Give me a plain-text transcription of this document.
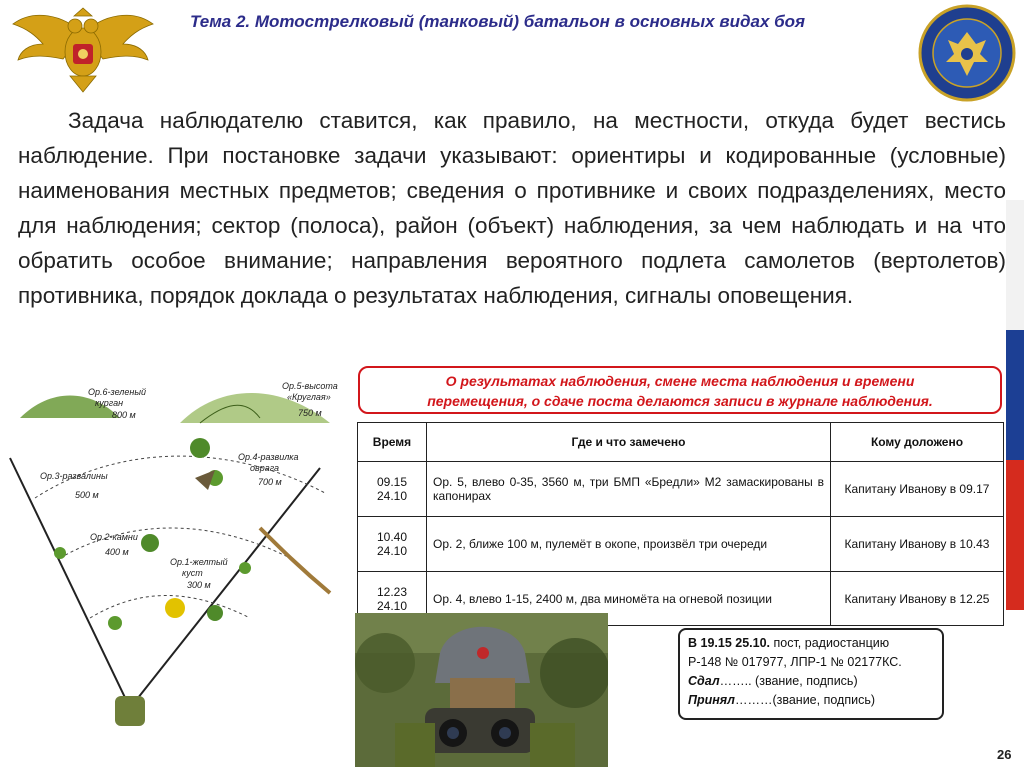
Тема 2. Мотострелковый (танковый) батальон в основных видах боя
Задача наблюдателю ставится, как правило, на местности, откуда будет вестись наблюдение. При постановке задачи указывают: ориентиры и кодированные (условные) наименования местных предметов; сведения о противнике и своих подразделениях, место для наблюдения; сектор (полоса), район (объект) наблюдения, за чем наблюдать и на что обратить особое внимание; направления вероятного подлета самолетов (вертолетов) противника, порядок доклада о результатах наблюдения, сигналы оповещения.
Ор.6-зеленый
курган
800 м
Ор.5-высота
«Круглая»
750 м
Ор.4-развилка
оврага
700 м
Ор.3-развалины
500 м
Ор.2-камни
400 м
Ор.1-желтый
куст
300 м
О результатах наблюдения, смене места наблюдения и времени
перемещения, о сдаче поста делаются записи в журнале наблюдения.
Время	Где и что замечено	Кому доложено
09.15
24.10	Ор. 5, влево 0-35, 3560 м, три БМП «Бредли» М2 замаскированы в капонирах	Капитану Иванову в 09.17
10.40
24.10	Ор. 2, ближе 100 м, пулемёт в окопе, произвёл три очереди	Капитану Иванову в 10.43
12.23
24.10	Ор. 4, влево 1-15, 2400 м, два миномёта на огневой позиции	Капитану Иванову в 12.25
В 19.15 25.10. пост, радиостанцию
Р-148 № 017977, ЛПР-1 № 02177КС.
Сдал…….. (звание, подпись)
Принял………(звание, подпись)
26
